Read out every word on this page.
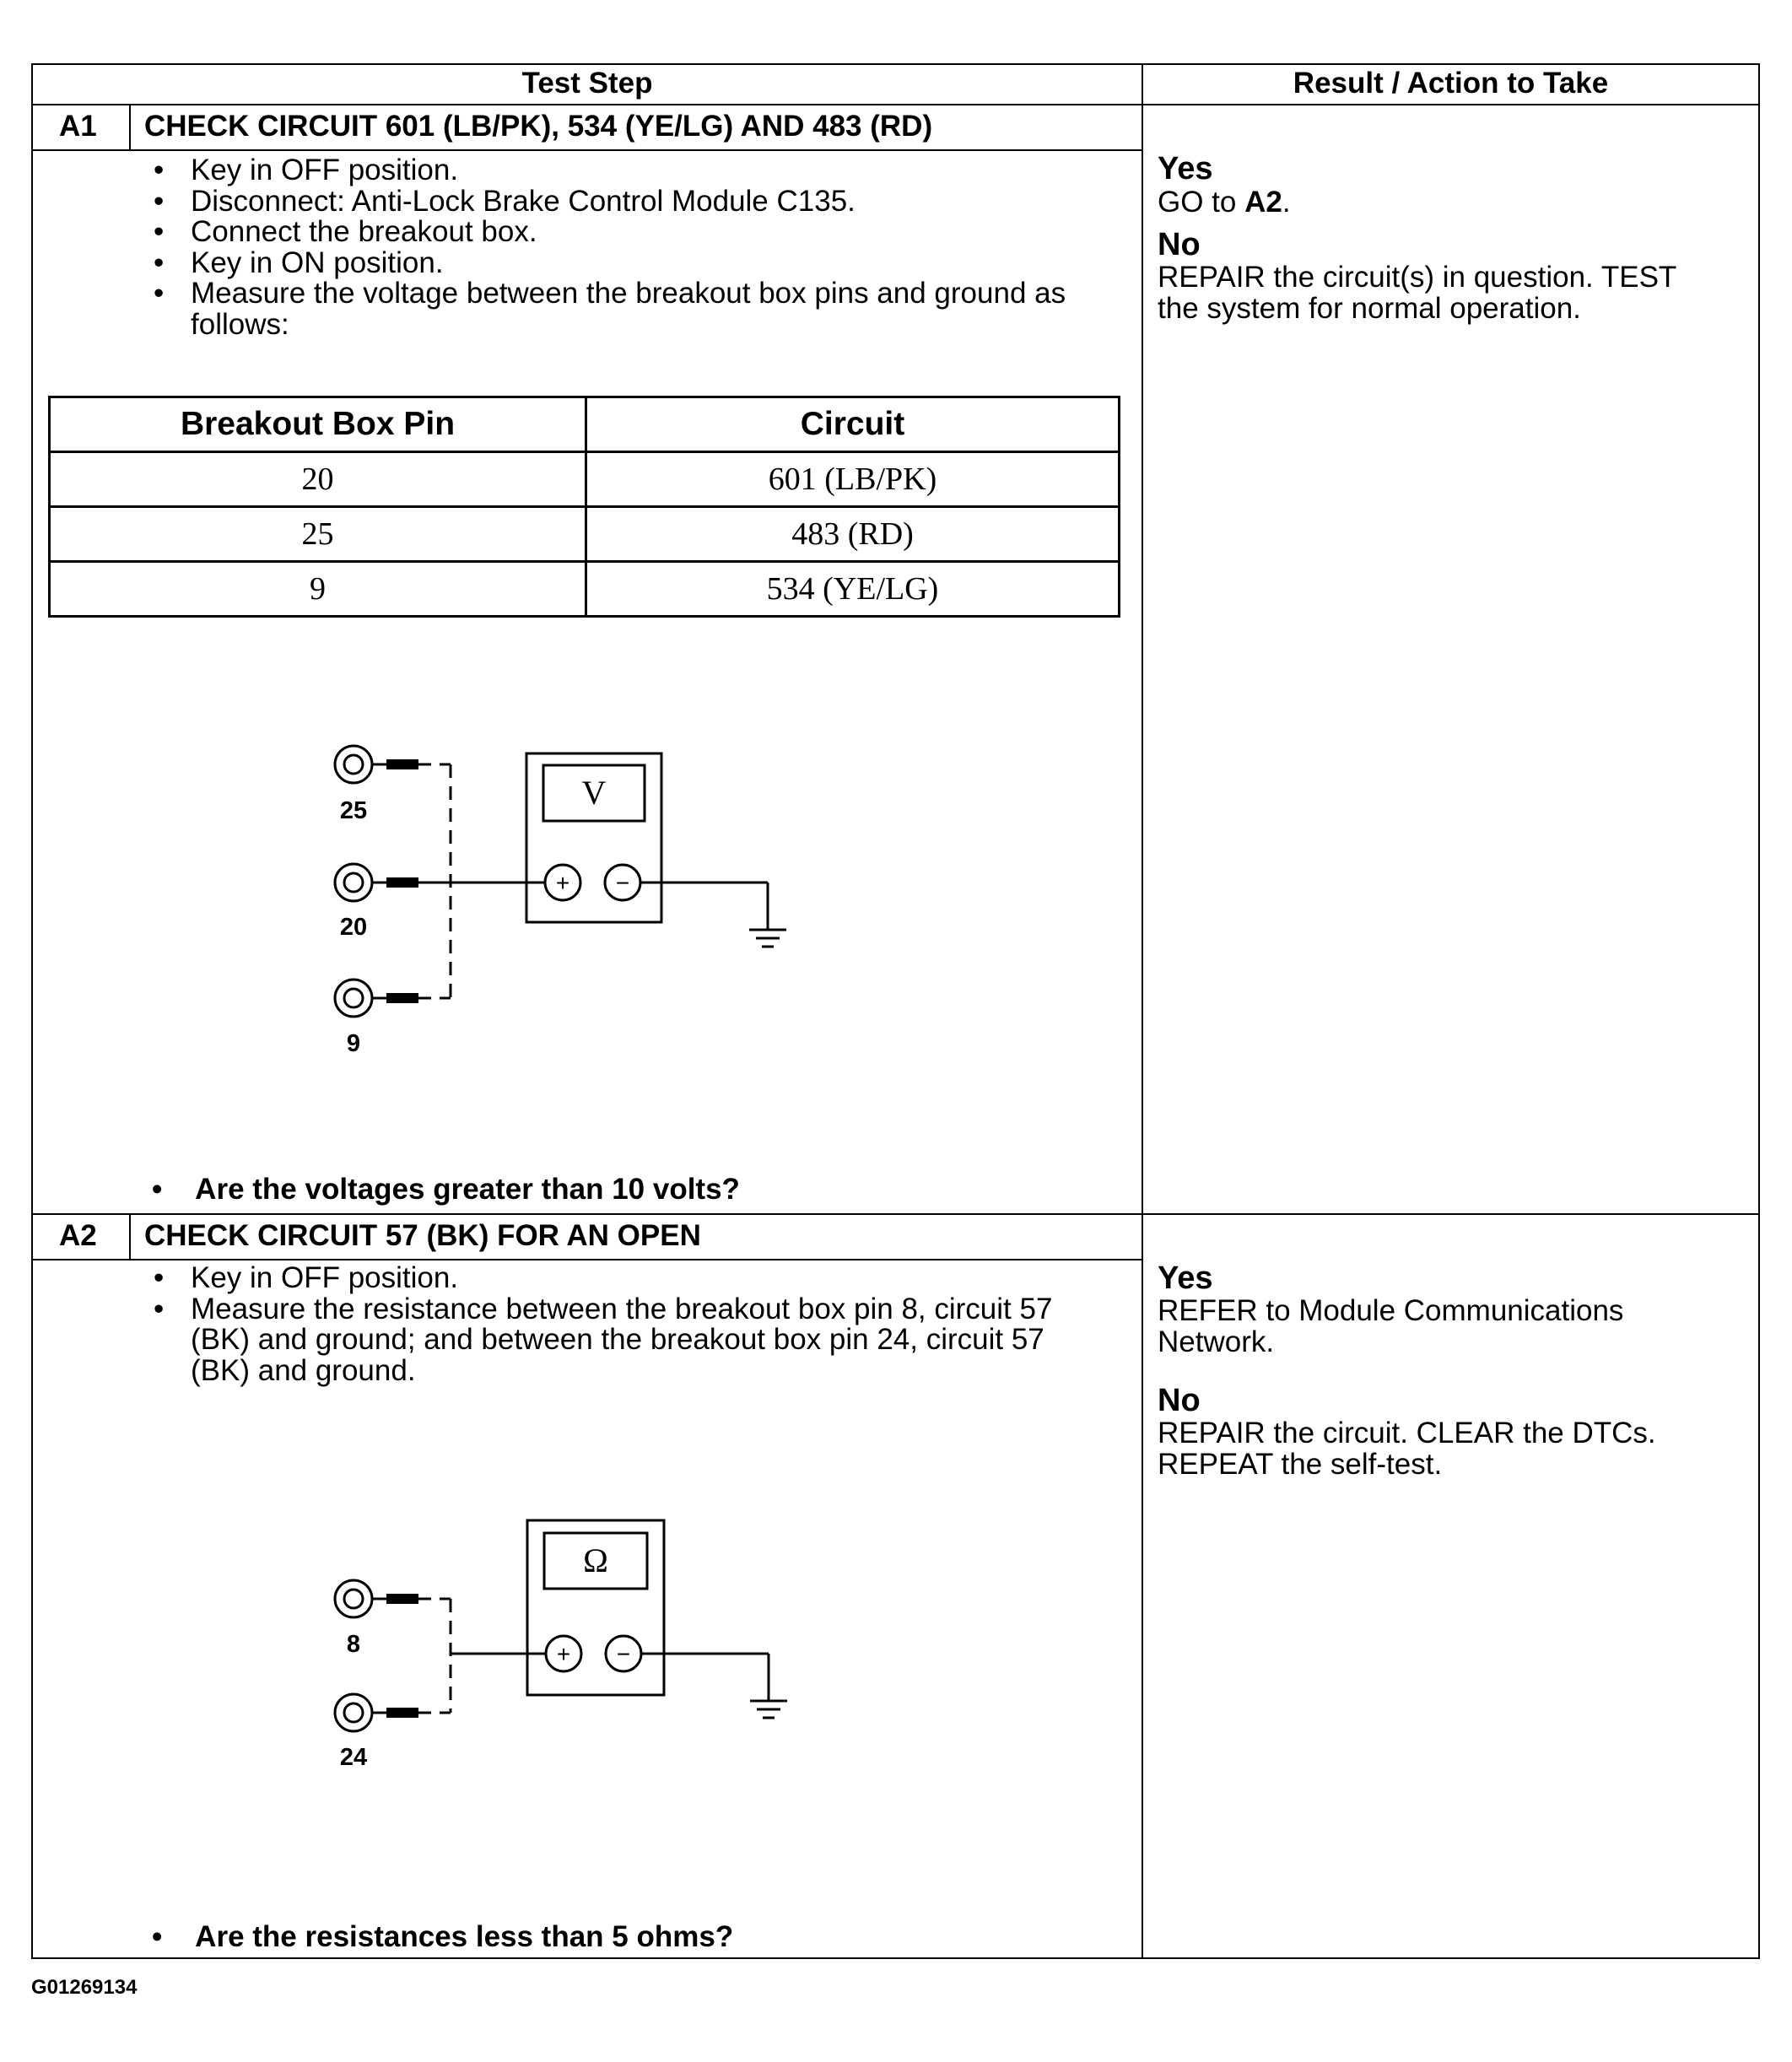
Test Step	Result / Action to Take
A1 CHECK CIRCUIT 601 (LB/PK), 534 (YE/LG) AND 483 (RD)
• Key in OFF position.
• Disconnect: Anti-Lock Brake Control Module C135.
• Connect the breakout box.
• Key in ON position.
• Measure the voltage between the breakout box pins and ground as follows:
Breakout Box Pin	Circuit
20	601 (LB/PK)
25	483 (RD)
9	534 (YE/LG)
V
+ −
25
20
9
• Are the voltages greater than 10 volts?
Yes
GO to A2.
No
REPAIR the circuit(s) in question. TEST
the system for normal operation.
A2 CHECK CIRCUIT 57 (BK) FOR AN OPEN
• Key in OFF position.
• Measure the resistance between the breakout box pin 8, circuit 57 (BK) and ground; and between the breakout box pin 24, circuit 57 (BK) and ground.
Ω
+ −
8
24
• Are the resistances less than 5 ohms?
Yes
REFER to Module Communications
Network.
No
REPAIR the circuit. CLEAR the DTCs.
REPEAT the self-test.
G01269134
